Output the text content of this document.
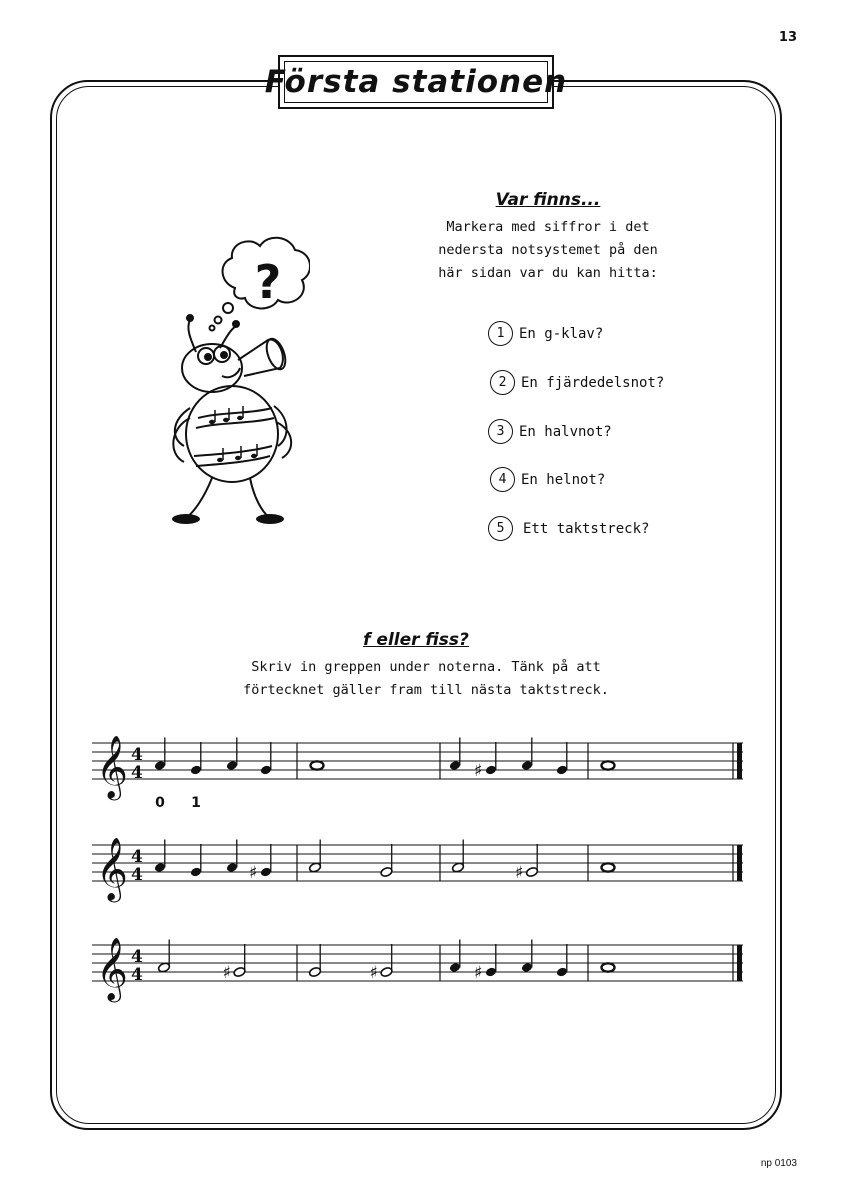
13
Första stationen
?
Var finns...
Markera med siffror i det
nedersta notsystemet på den
här sidan var du kan hitta:
1	En g-klav?
2	En fjärdedelsnot?
3	En halvnot?
4	En helnot?
5	Ett taktstreck?
f eller fiss?
Skriv in greppen under noterna. Tänk på att
förtecknet gäller fram till nästa taktstreck.
𝄞 4
4	♯
0 1
𝄞 4
4	♯	♯
𝄞 4
4	♯	♯	♯
np 0103
